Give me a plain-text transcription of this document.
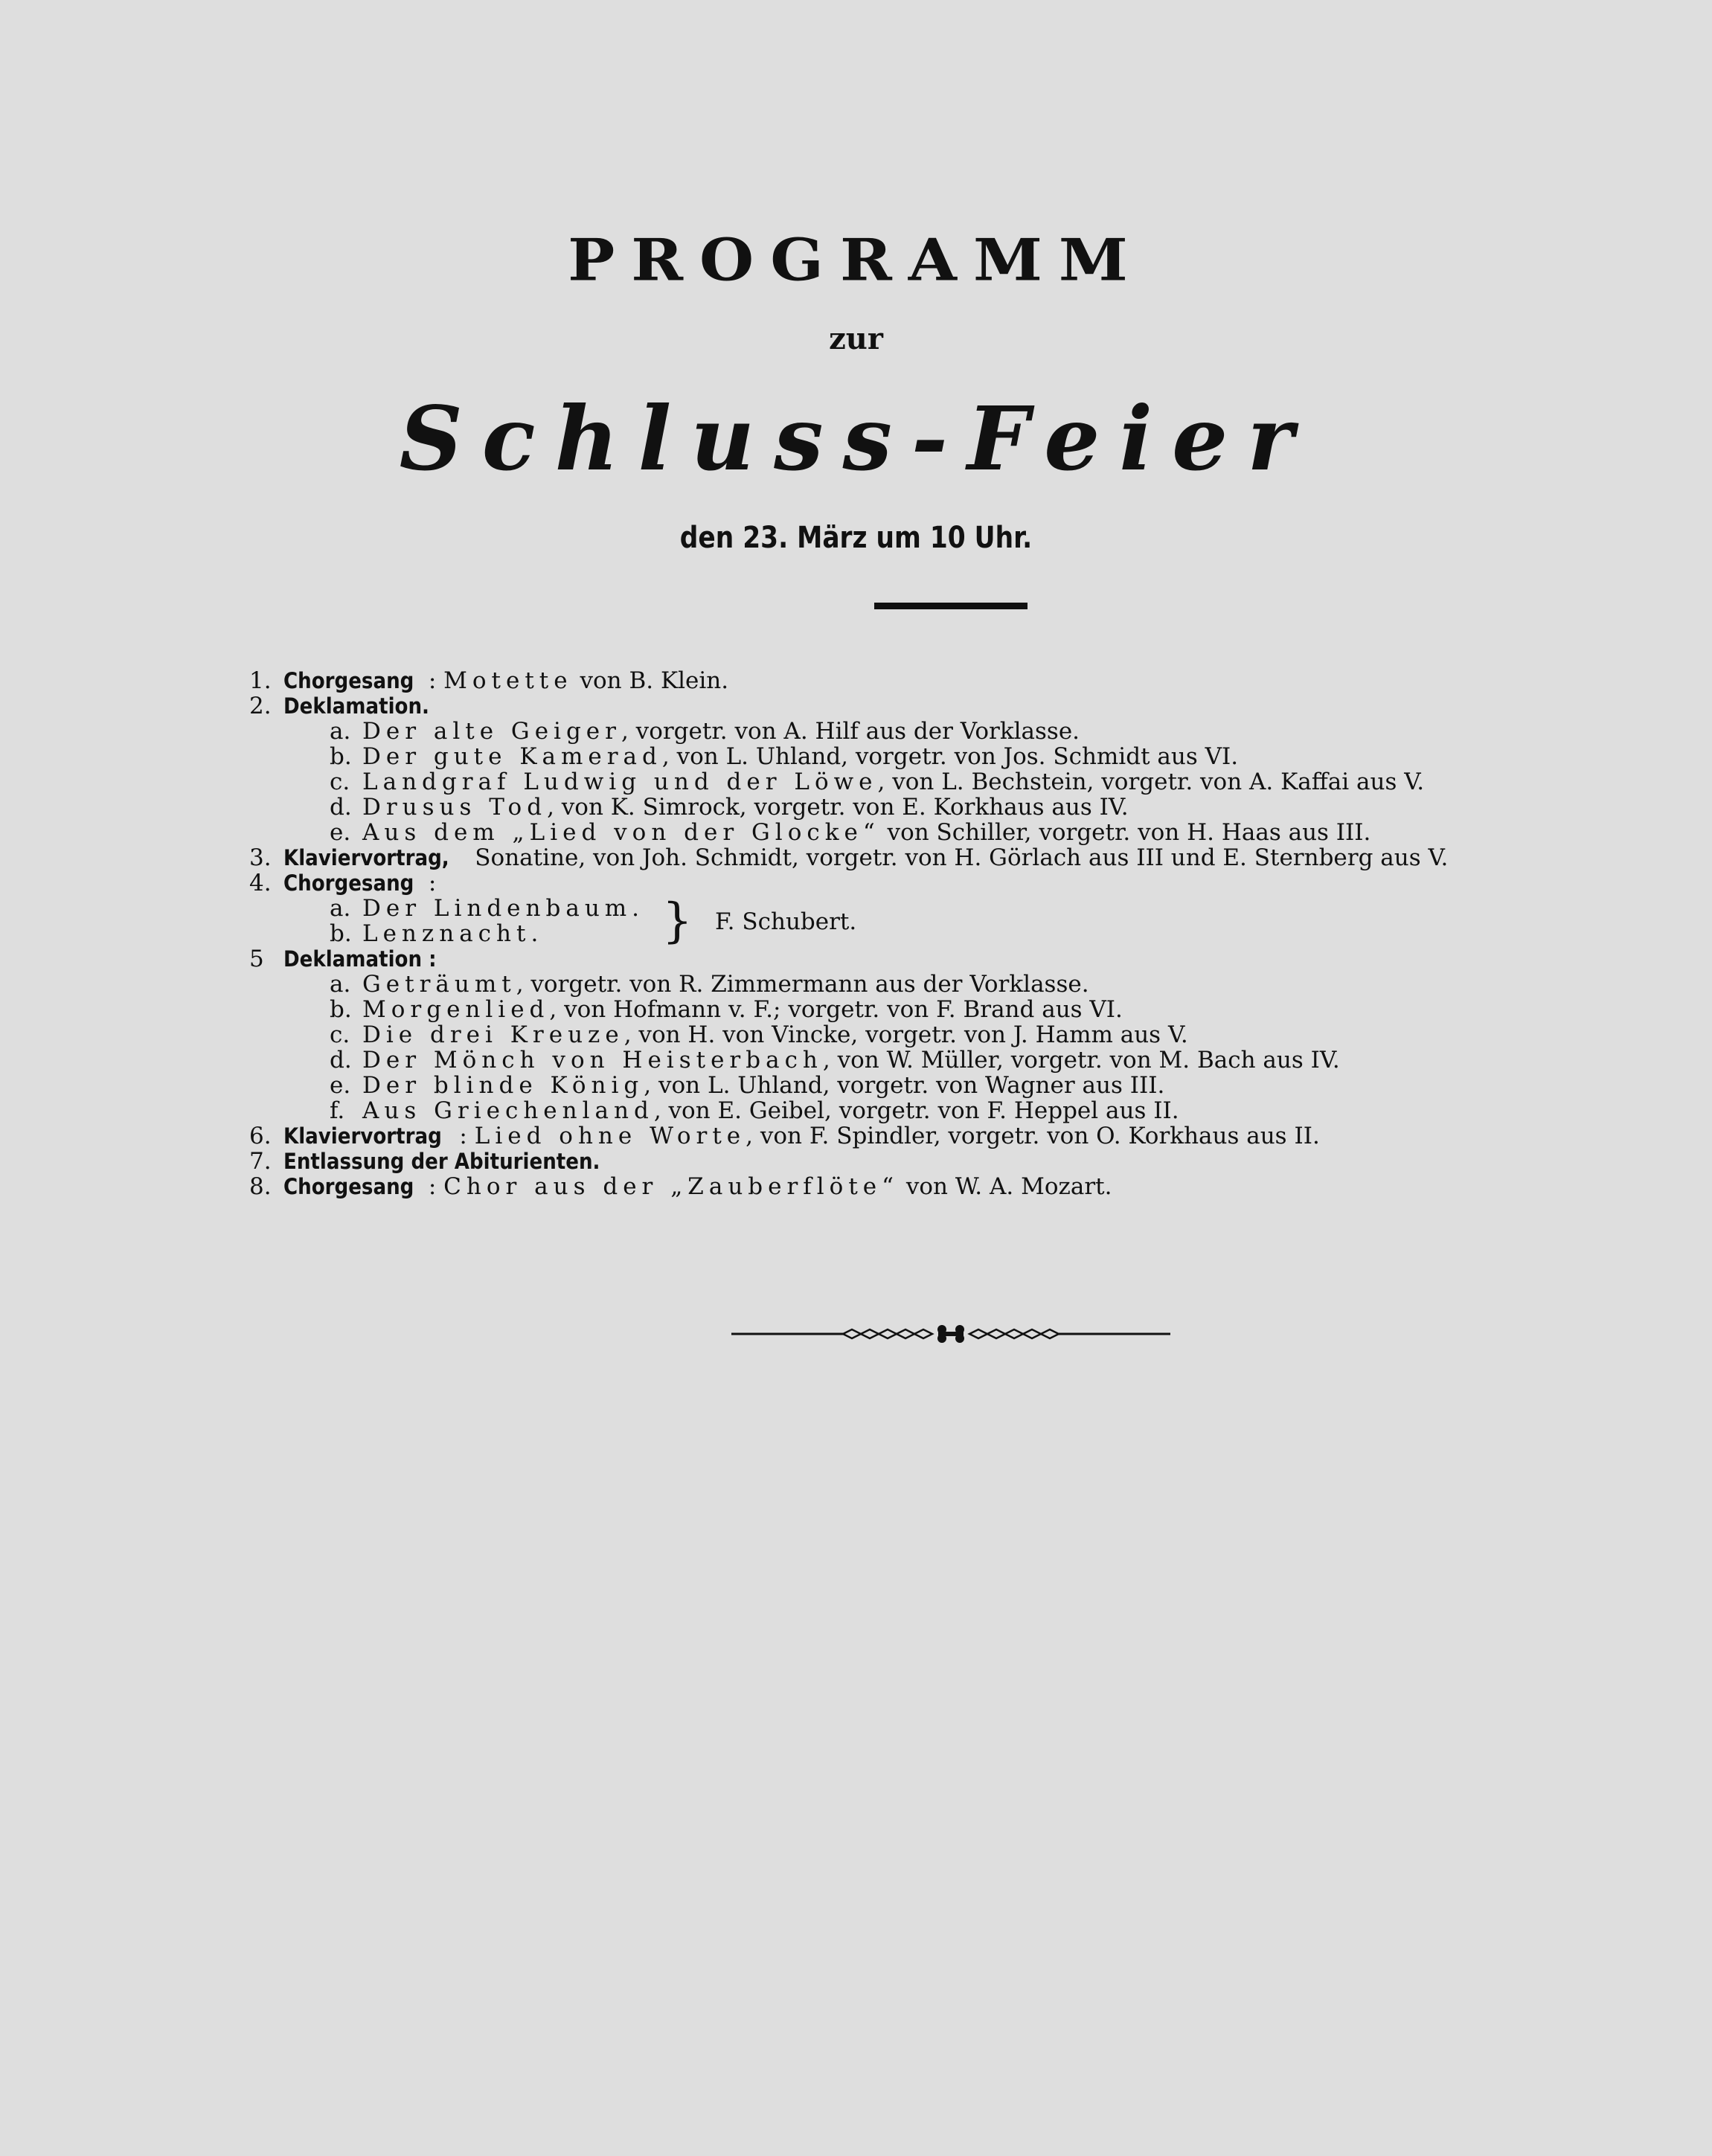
PROGRAMM
zur
Schluss-Feier
den 23. März um 10 Uhr.
1. Chorgesang : Motette von B. Klein.
2. Deklamation.
a. Der alte Geiger, vorgetr. von A. Hilf aus der Vorklasse.
b. Der gute Kamerad, von L. Uhland, vorgetr. von Jos. Schmidt aus VI.
c. Landgraf Ludwig und der Löwe, von L. Bechstein, vorgetr. von A. Kaffai aus V.
d. Drusus Tod, von K. Simrock, vorgetr. von E. Korkhaus aus IV.
e. Aus dem „Lied von der Glocke“ von Schiller, vorgetr. von H. Haas aus III.
3. Klaviervortrag, Sonatine, von Joh. Schmidt, vorgetr. von H. Görlach aus III und E. Sternberg aus V.
4. Chorgesang :
a. Der Lindenbaum.
b. Lenznacht. } F. Schubert.
5 Deklamation :
a. Geträumt, vorgetr. von R. Zimmermann aus der Vorklasse.
b. Morgenlied, von Hofmann v. F.; vorgetr. von F. Brand aus VI.
c. Die drei Kreuze, von H. von Vincke, vorgetr. von J. Hamm aus V.
d. Der Mönch von Heisterbach, von W. Müller, vorgetr. von M. Bach aus IV.
e. Der blinde König, von L. Uhland, vorgetr. von Wagner aus III.
f. Aus Griechenland, von E. Geibel, vorgetr. von F. Heppel aus II.
6. Klaviervortrag : Lied ohne Worte, von F. Spindler, vorgetr. von O. Korkhaus aus II.
7. Entlassung der Abiturienten.
8. Chorgesang : Chor aus der „Zauberflöte“ von W. A. Mozart.
